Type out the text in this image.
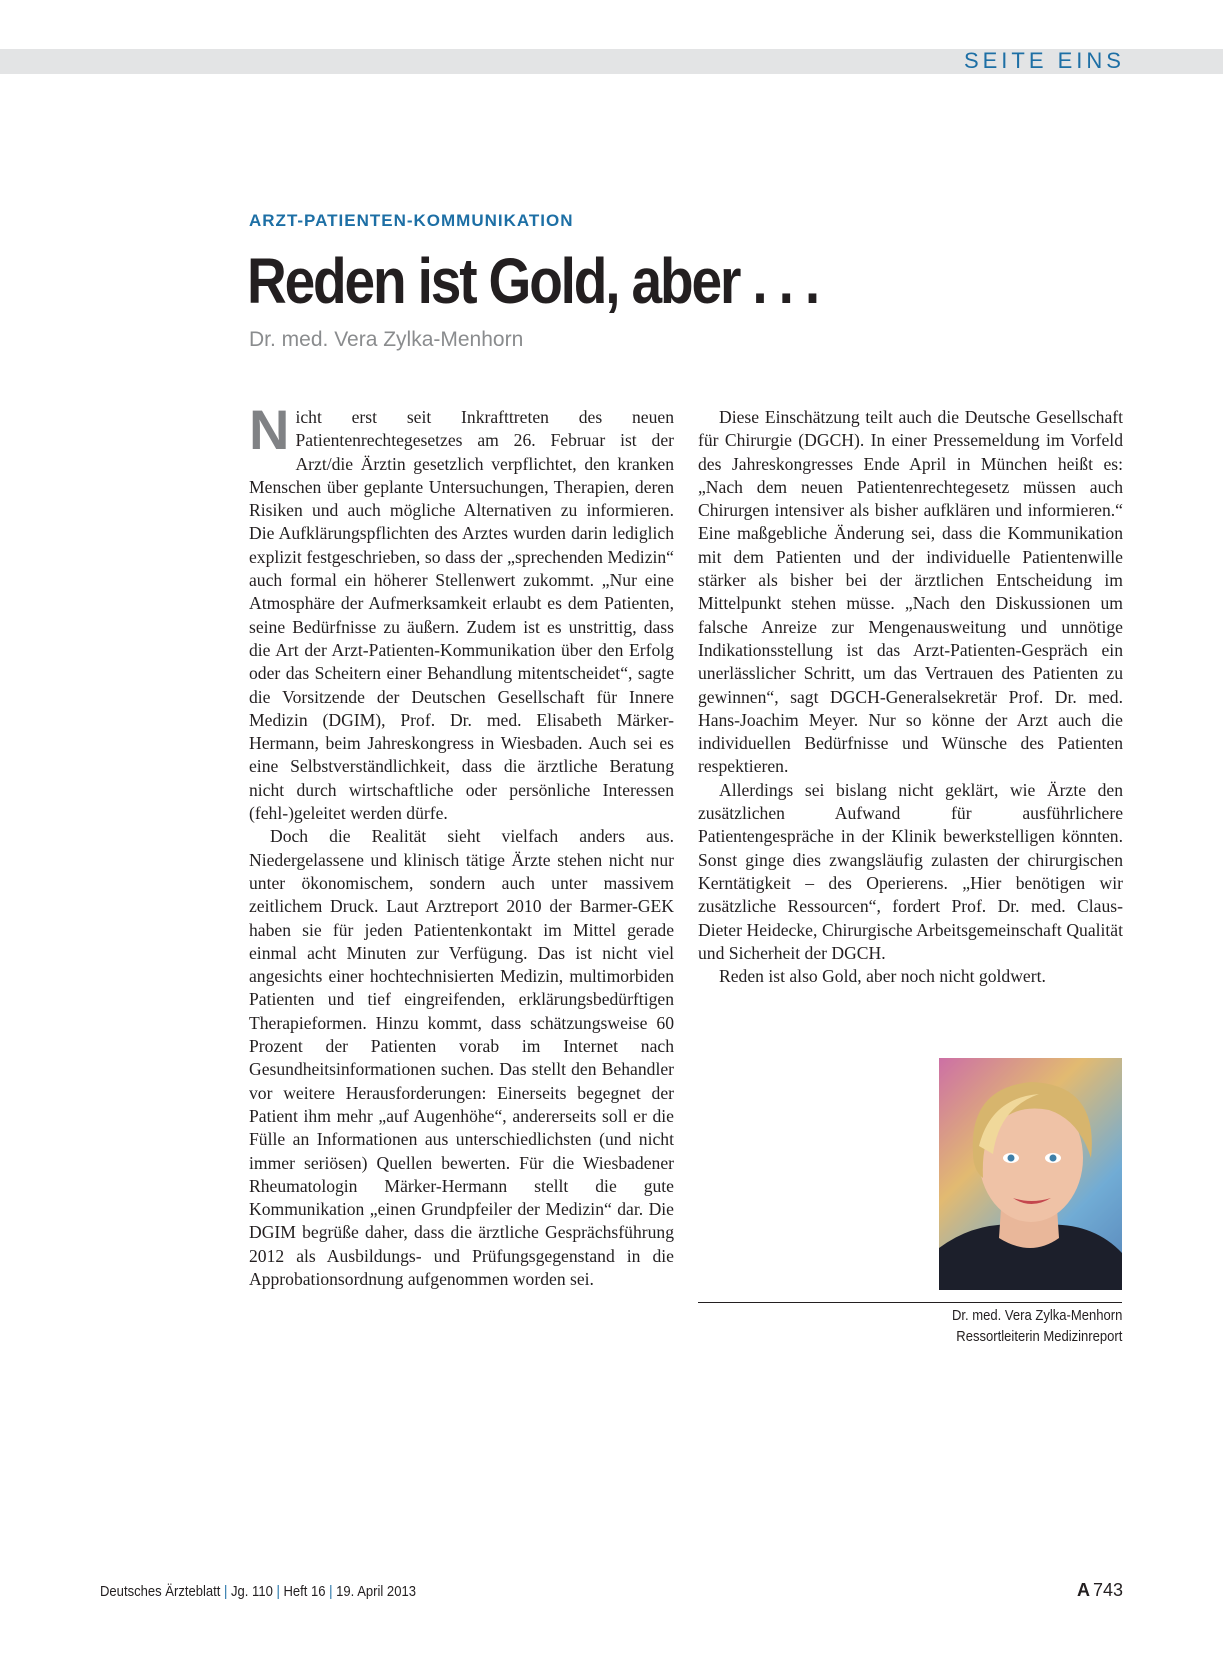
SEITE EINS
ARZT-PATIENTEN-KOMMUNIKATION
Reden ist Gold, aber . . .
Dr. med. Vera Zylka-Menhorn

Nicht erst seit Inkrafttreten des neuen Patientenrechtegesetzes am 26. Februar ist der Arzt/die Ärztin gesetzlich verpflichtet, den kranken Menschen über geplante Untersuchungen, Therapien, deren Risiken und auch mögliche Alternativen zu informieren. Die Aufklärungspflichten des Arztes wurden darin lediglich explizit festgeschrieben, so dass der „sprechenden Medizin“ auch formal ein höherer Stellenwert zukommt. „Nur eine Atmosphäre der Aufmerksamkeit erlaubt es dem Patienten, seine Bedürfnisse zu äußern. Zudem ist es unstrittig, dass die Art der Arzt-Patienten-Kommunikation über den Erfolg oder das Scheitern einer Behandlung mitentscheidet“, sagte die Vorsitzende der Deutschen Gesellschaft für Innere Medizin (DGIM), Prof. Dr. med. Elisabeth Märker-Hermann, beim Jahreskongress in Wiesbaden. Auch sei es eine Selbstverständlichkeit, dass die ärztliche Beratung nicht durch wirtschaftliche oder persönliche Interessen (fehl-)geleitet werden dürfe.

Doch die Realität sieht vielfach anders aus. Niedergelassene und klinisch tätige Ärzte stehen nicht nur unter ökonomischem, sondern auch unter massivem zeitlichem Druck. Laut Arztreport 2010 der Barmer-GEK haben sie für jeden Patientenkontakt im Mittel gerade einmal acht Minuten zur Verfügung. Das ist nicht viel angesichts einer hochtechnisierten Medizin, multimorbiden Patienten und tief eingreifenden, erklärungsbedürftigen Therapieformen. Hinzu kommt, dass schätzungsweise 60 Prozent der Patienten vorab im Internet nach Gesundheitsinformationen suchen. Das stellt den Behandler vor weitere Herausforderungen: Einerseits begegnet der Patient ihm mehr „auf Augenhöhe“, andererseits soll er die Fülle an Informationen aus unterschiedlichsten (und nicht immer seriösen) Quellen bewerten. Für die Wiesbadener Rheumatologin Märker-Hermann stellt die gute Kommunikation „einen Grundpfeiler der Medizin“ dar. Die DGIM begrüße daher, dass die ärztliche Gesprächsführung 2012 als Ausbildungs- und Prüfungsgegenstand in die Approbationsordnung aufgenommen worden sei.

Diese Einschätzung teilt auch die Deutsche Gesellschaft für Chirurgie (DGCH). In einer Pressemeldung im Vorfeld des Jahreskongresses Ende April in München heißt es: „Nach dem neuen Patientenrechtegesetz müssen auch Chirurgen intensiver als bisher aufklären und informieren.“ Eine maßgebliche Änderung sei, dass die Kommunikation mit dem Patienten und der individuelle Patientenwille stärker als bisher bei der ärztlichen Entscheidung im Mittelpunkt stehen müsse. „Nach den Diskussionen um falsche Anreize zur Mengenausweitung und unnötige Indikationsstellung ist das Arzt-Patienten-Gespräch ein unerlässlicher Schritt, um das Vertrauen des Patienten zu gewinnen“, sagt DGCH-Generalsekretär Prof. Dr. med. Hans-Joachim Meyer. Nur so könne der Arzt auch die individuellen Bedürfnisse und Wünsche des Patienten respektieren.

Allerdings sei bislang nicht geklärt, wie Ärzte den zusätzlichen Aufwand für ausführlichere Patientengespräche in der Klinik bewerkstelligen könnten. Sonst ginge dies zwangsläufig zulasten der chirurgischen Kerntätigkeit – des Operierens. „Hier benötigen wir zusätzliche Ressourcen“, fordert Prof. Dr. med. Claus-Dieter Heidecke, Chirurgische Arbeitsgemeinschaft Qualität und Sicherheit der DGCH.

Reden ist also Gold, aber noch nicht goldwert.

Dr. med. Vera Zylka-Menhorn
Ressortleiterin Medizinreport
Deutsches Ärzteblatt | Jg. 110 | Heft 16 | 19. April 2013	A 743
